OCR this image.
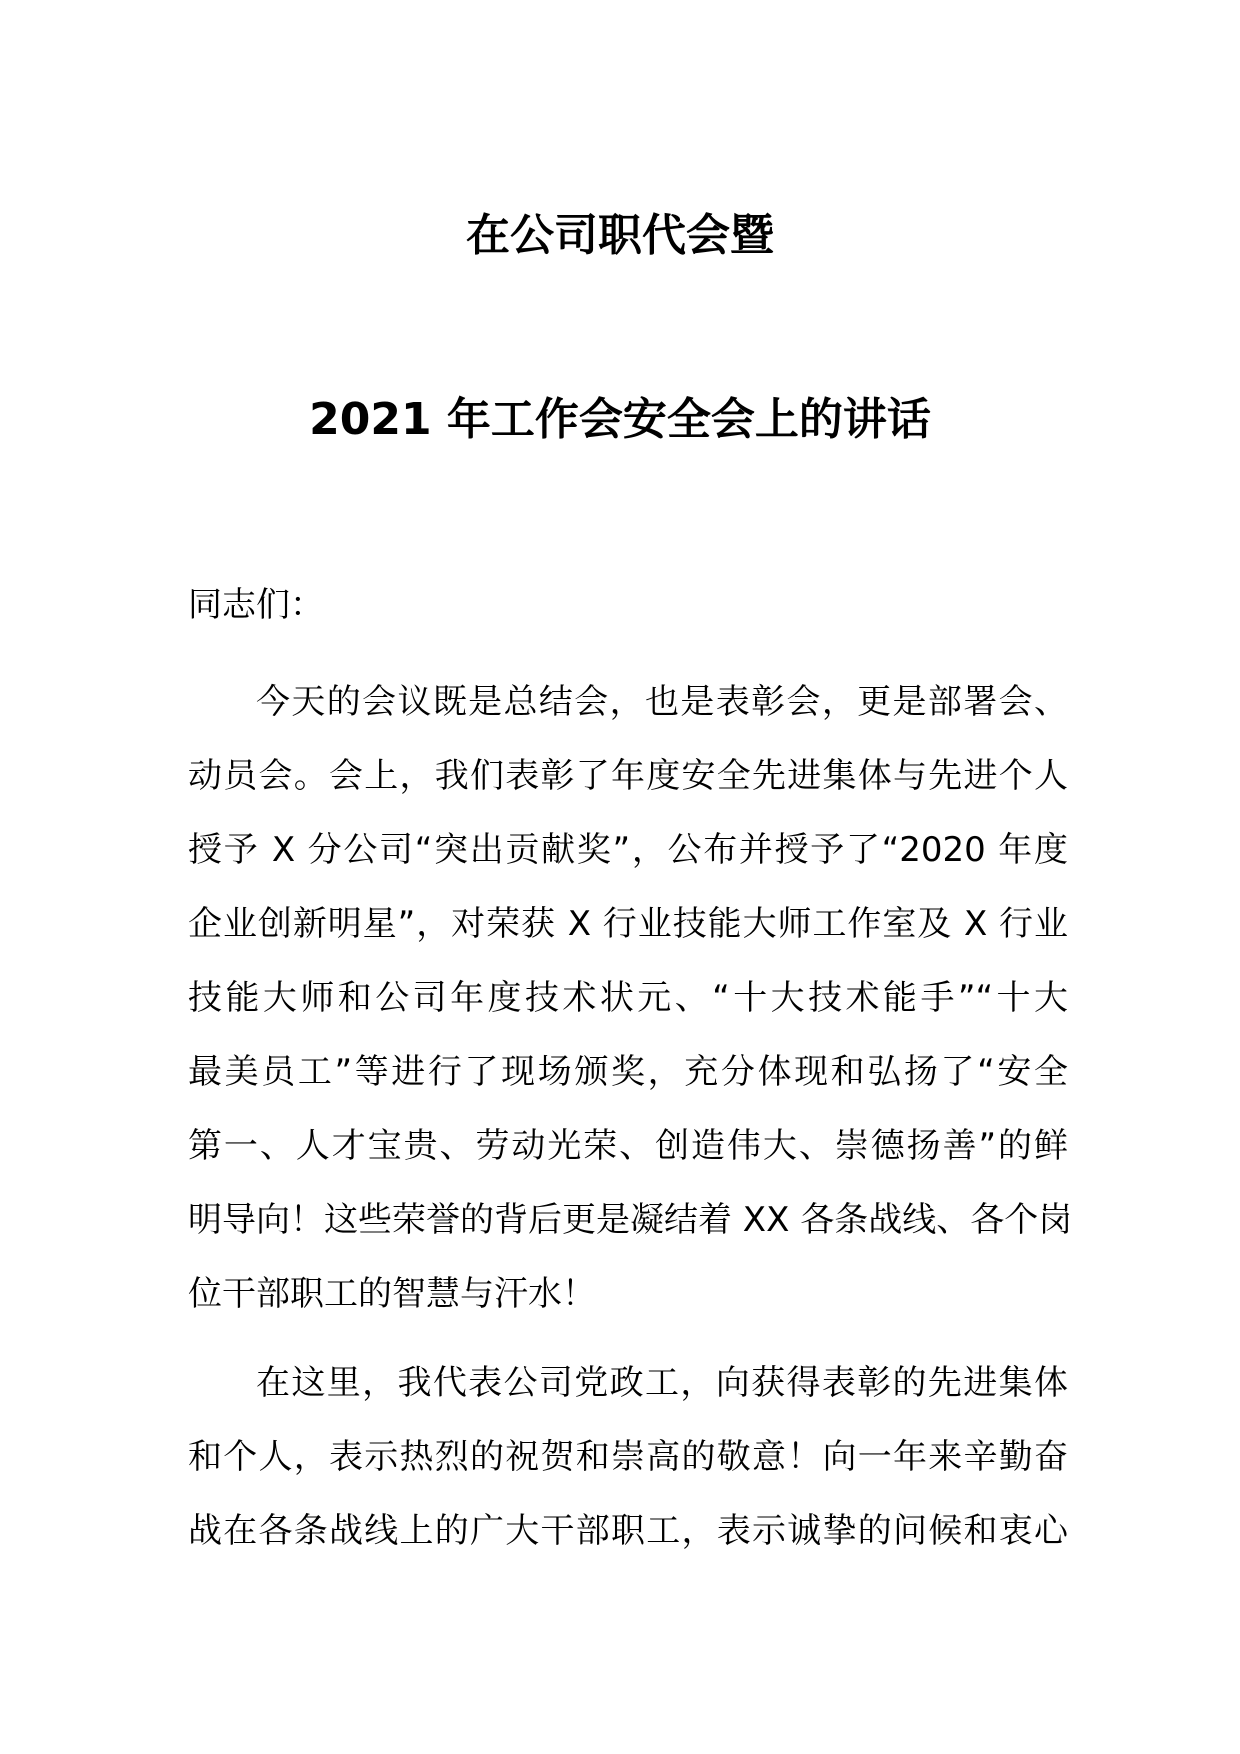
在公司职代会暨
2021 年工作会安全会上的讲话
同志们：
今天的会议既是总结会，也是表彰会，更是部署会、
动员会。会上，我们表彰了年度安全先进集体与先进个人
授予 X 分公司“突出贡献奖”，公布并授予了“2020 年度
企业创新明星”，对荣获 X 行业技能大师工作室及 X 行业
技能大师和公司年度技术状元、“十大技术能手”“十大
最美员工”等进行了现场颁奖，充分体现和弘扬了“安全
第一、人才宝贵、劳动光荣、创造伟大、崇德扬善”的鲜
明导向！这些荣誉的背后更是凝结着 XX 各条战线、各个岗
位干部职工的智慧与汗水！
在这里，我代表公司党政工，向获得表彰的先进集体
和个人，表示热烈的祝贺和崇高的敬意！向一年来辛勤奋
战在各条战线上的广大干部职工，表示诚挚的问候和衷心
